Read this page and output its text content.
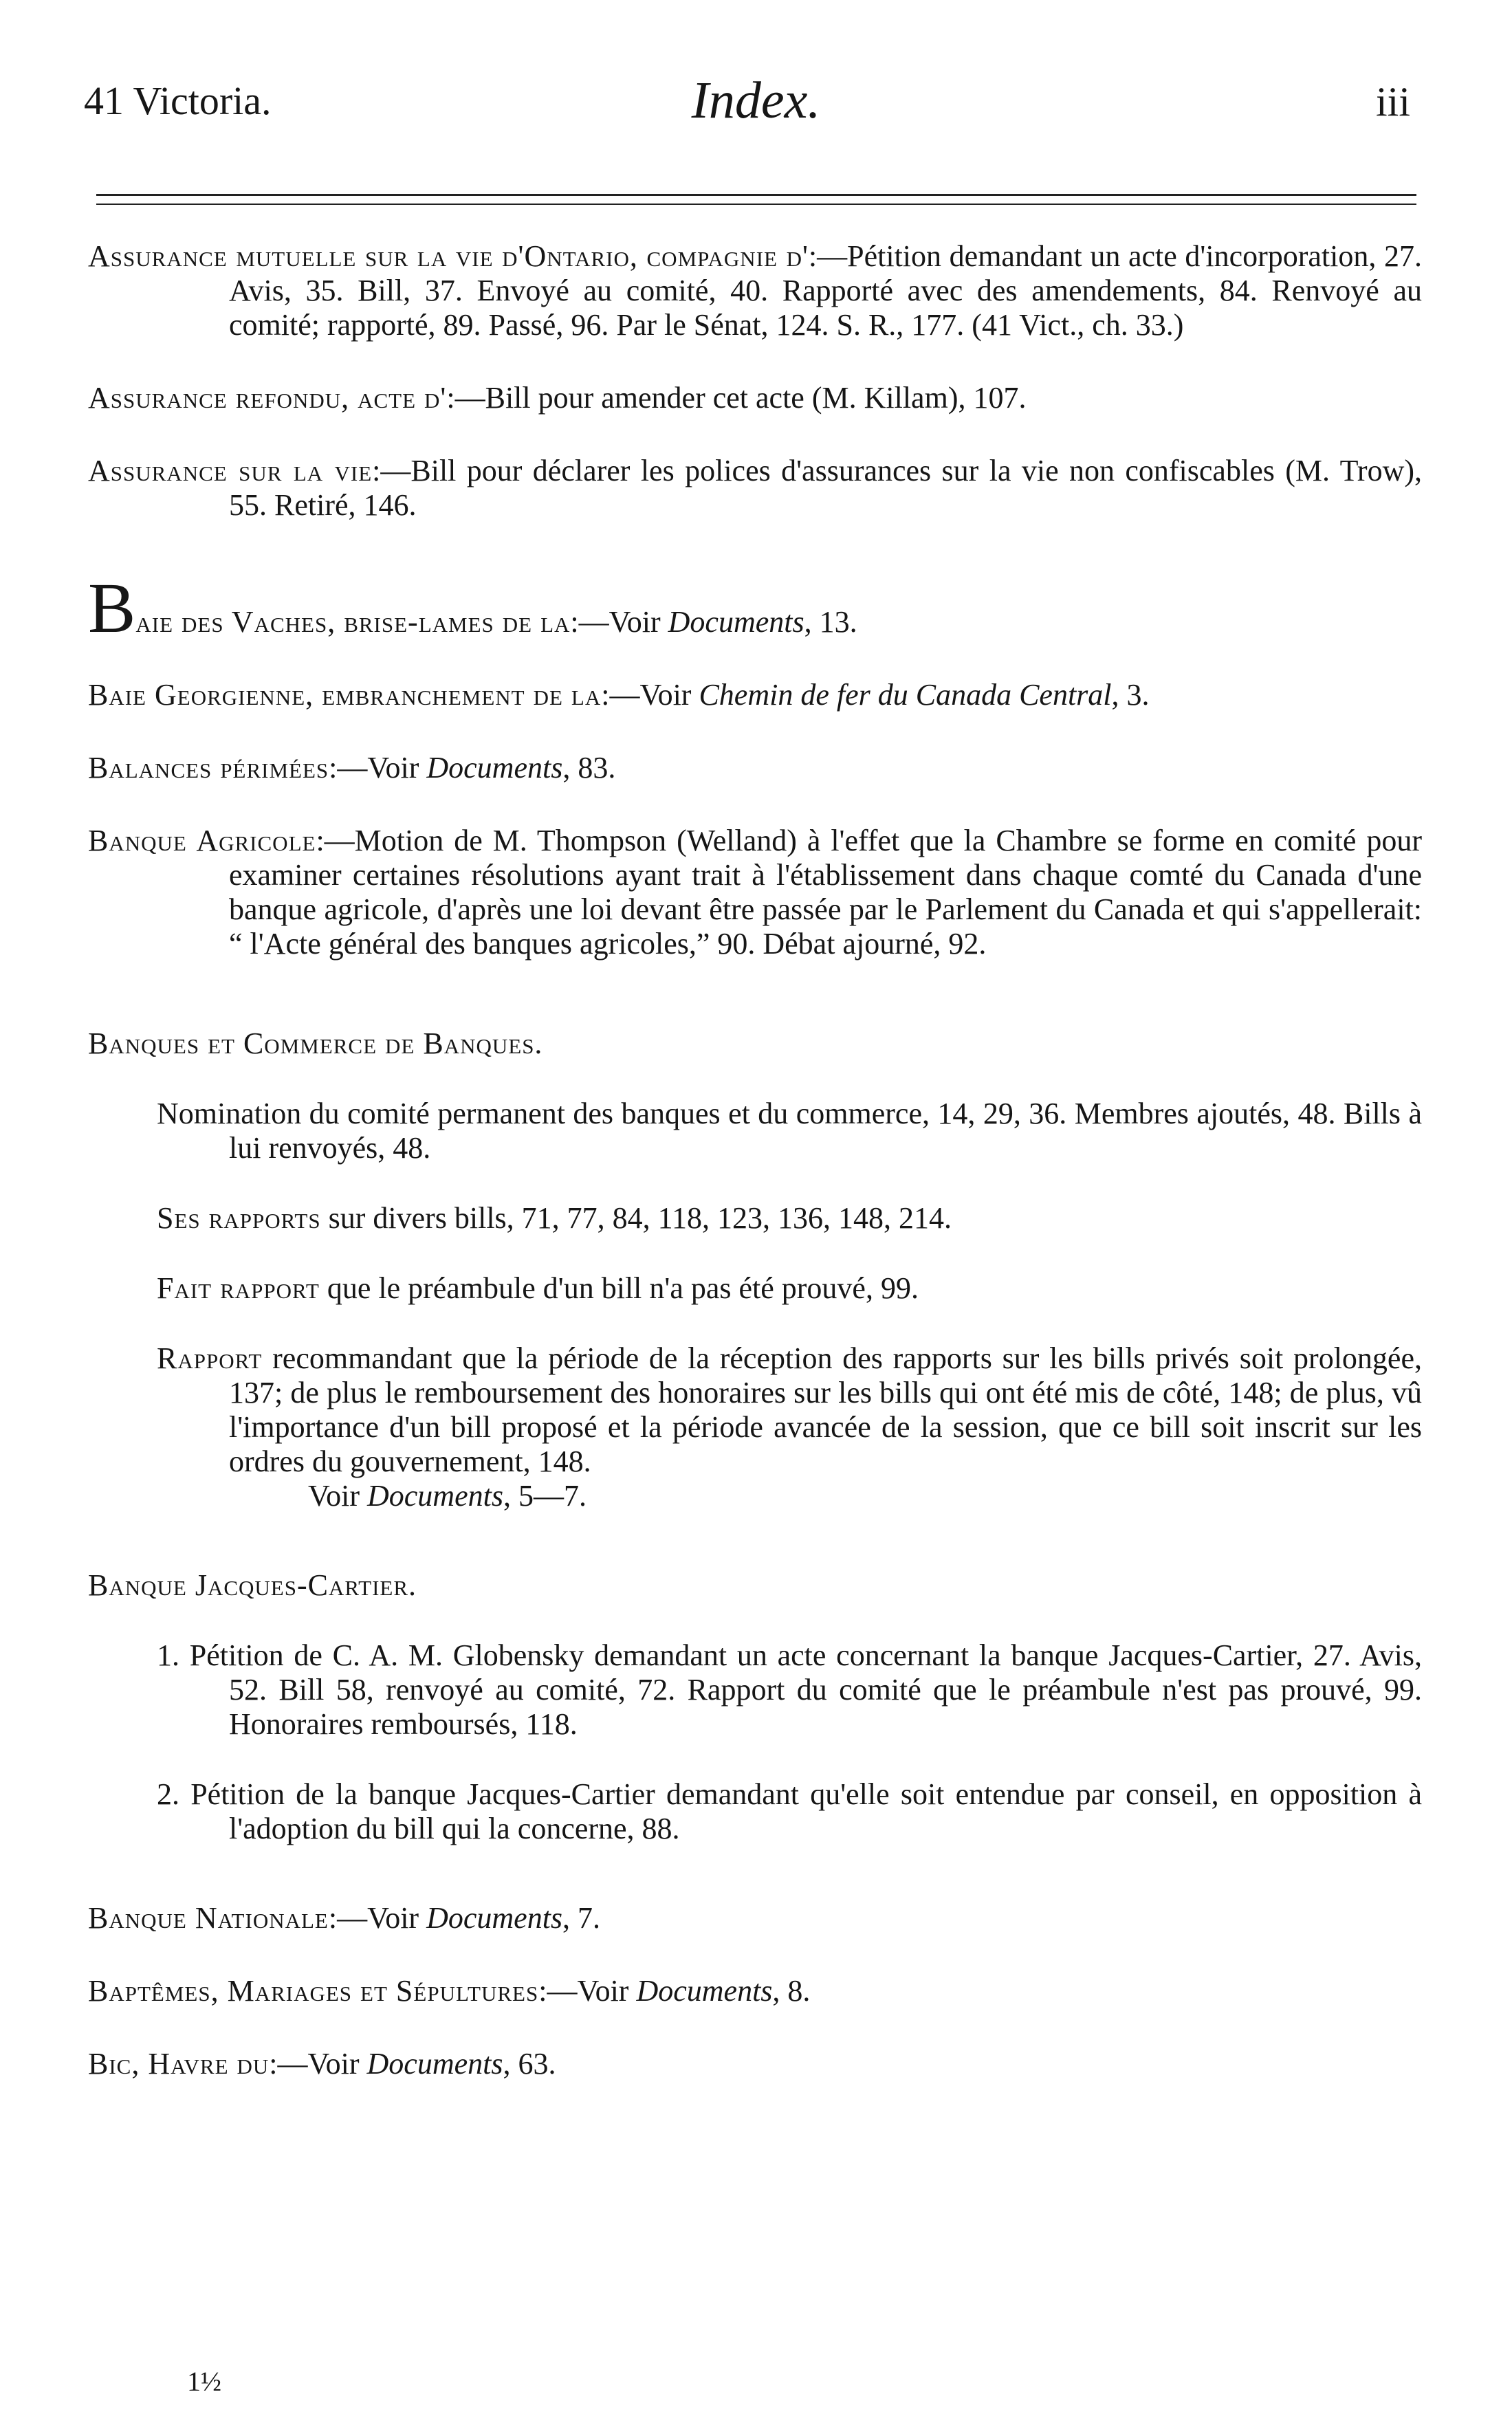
41 Victoria.	Index.	iii

Assurance mutuelle sur la vie d'Ontario, compagnie d':—Pétition demandant un acte d'incorporation, 27. Avis, 35. Bill, 37. Envoyé au comité, 40. Rapporté avec des amendements, 84. Renvoyé au comité; rapporté, 89. Passé, 96. Par le Sénat, 124. S. R., 177. (41 Vict., ch. 33.)

Assurance refondu, acte d':—Bill pour amender cet acte (M. Killam), 107.

Assurance sur la vie:—Bill pour déclarer les polices d'assurances sur la vie non confiscables (M. Trow), 55. Retiré, 146.

Baie des Vaches, brise-lames de la:—Voir Documents, 13.

Baie Georgienne, embranchement de la:—Voir Chemin de fer du Canada Central, 3.

Balances périmées:—Voir Documents, 83.

Banque Agricole:—Motion de M. Thompson (Welland) à l'effet que la Chambre se forme en comité pour examiner certaines résolutions ayant trait à l'établissement dans chaque comté du Canada d'une banque agricole, d'après une loi devant être passée par le Parlement du Canada et qui s'appellerait: “ l'Acte général des banques agricoles,” 90. Débat ajourné, 92.

Banques et Commerce de Banques.

Nomination du comité permanent des banques et du commerce, 14, 29, 36. Membres ajoutés, 48. Bills à lui renvoyés, 48.

Ses rapports sur divers bills, 71, 77, 84, 118, 123, 136, 148, 214.

Fait rapport que le préambule d'un bill n'a pas été prouvé, 99.

Rapport recommandant que la période de la réception des rapports sur les bills privés soit prolongée, 137; de plus le remboursement des honoraires sur les bills qui ont été mis de côté, 148; de plus, vû l'importance d'un bill proposé et la période avancée de la session, que ce bill soit inscrit sur les ordres du gouvernement, 148.
Voir Documents, 5—7.

Banque Jacques-Cartier.

1. Pétition de C. A. M. Globensky demandant un acte concernant la banque Jacques-Cartier, 27. Avis, 52. Bill 58, renvoyé au comité, 72. Rapport du comité que le préambule n'est pas prouvé, 99. Honoraires remboursés, 118.

2. Pétition de la banque Jacques-Cartier demandant qu'elle soit entendue par conseil, en opposition à l'adoption du bill qui la concerne, 88.

Banque Nationale:—Voir Documents, 7.

Baptêmes, Mariages et Sépultures:—Voir Documents, 8.

Bic, Havre du:—Voir Documents, 63.

1½
